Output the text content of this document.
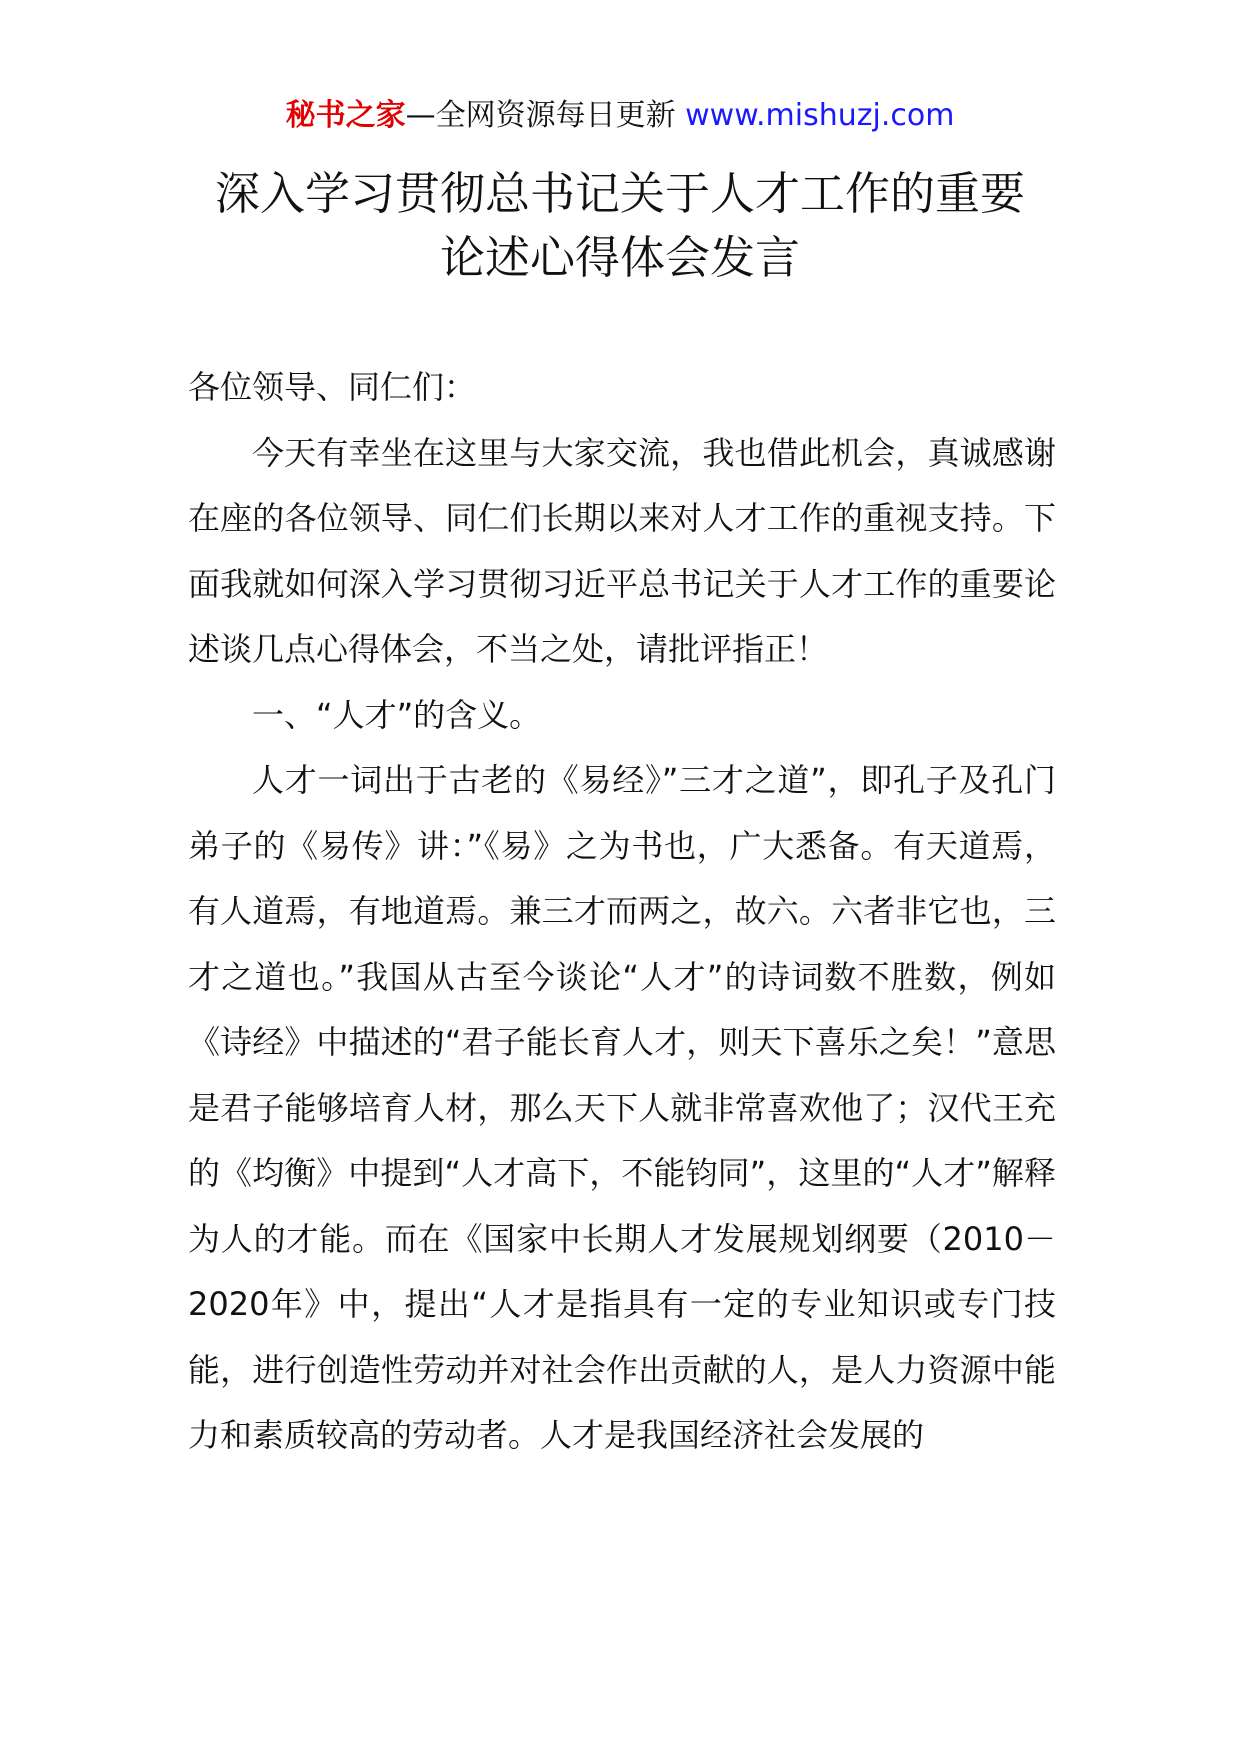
秘书之家—全网资源每日更新 www.mishuzj.com
深入学习贯彻总书记关于人才工作的重要
论述心得体会发言

各位领导、同仁们：

今天有幸坐在这里与大家交流，我也借此机会，真诚感谢在座的各位领导、同仁们长期以来对人才工作的重视支持。下面我就如何深入学习贯彻习近平总书记关于人才工作的重要论述谈几点心得体会，不当之处，请批评指正！

一、“人才”的含义。

人才一词出于古老的《易经》”三才之道”，即孔子及孔门弟子的《易传》讲：”《易》之为书也，广大悉备。有天道焉，有人道焉，有地道焉。兼三才而两之，故六。六者非它也，三才之道也。”我国从古至今谈论“人才”的诗词数不胜数，例如《诗经》中描述的“君子能长育人才，则天下喜乐之矣！”意思是君子能够培育人材，那么天下人就非常喜欢他了；汉代王充的《均衡》中提到“人才高下，不能钧同”，这里的“人才”解释为人的才能。而在《国家中长期人才发展规划纲要（2010－2020年》中，提出“人才是指具有一定的专业知识或专门技能，进行创造性劳动并对社会作出贡献的人，是人力资源中能力和素质较高的劳动者。人才是我国经济社会发展的
